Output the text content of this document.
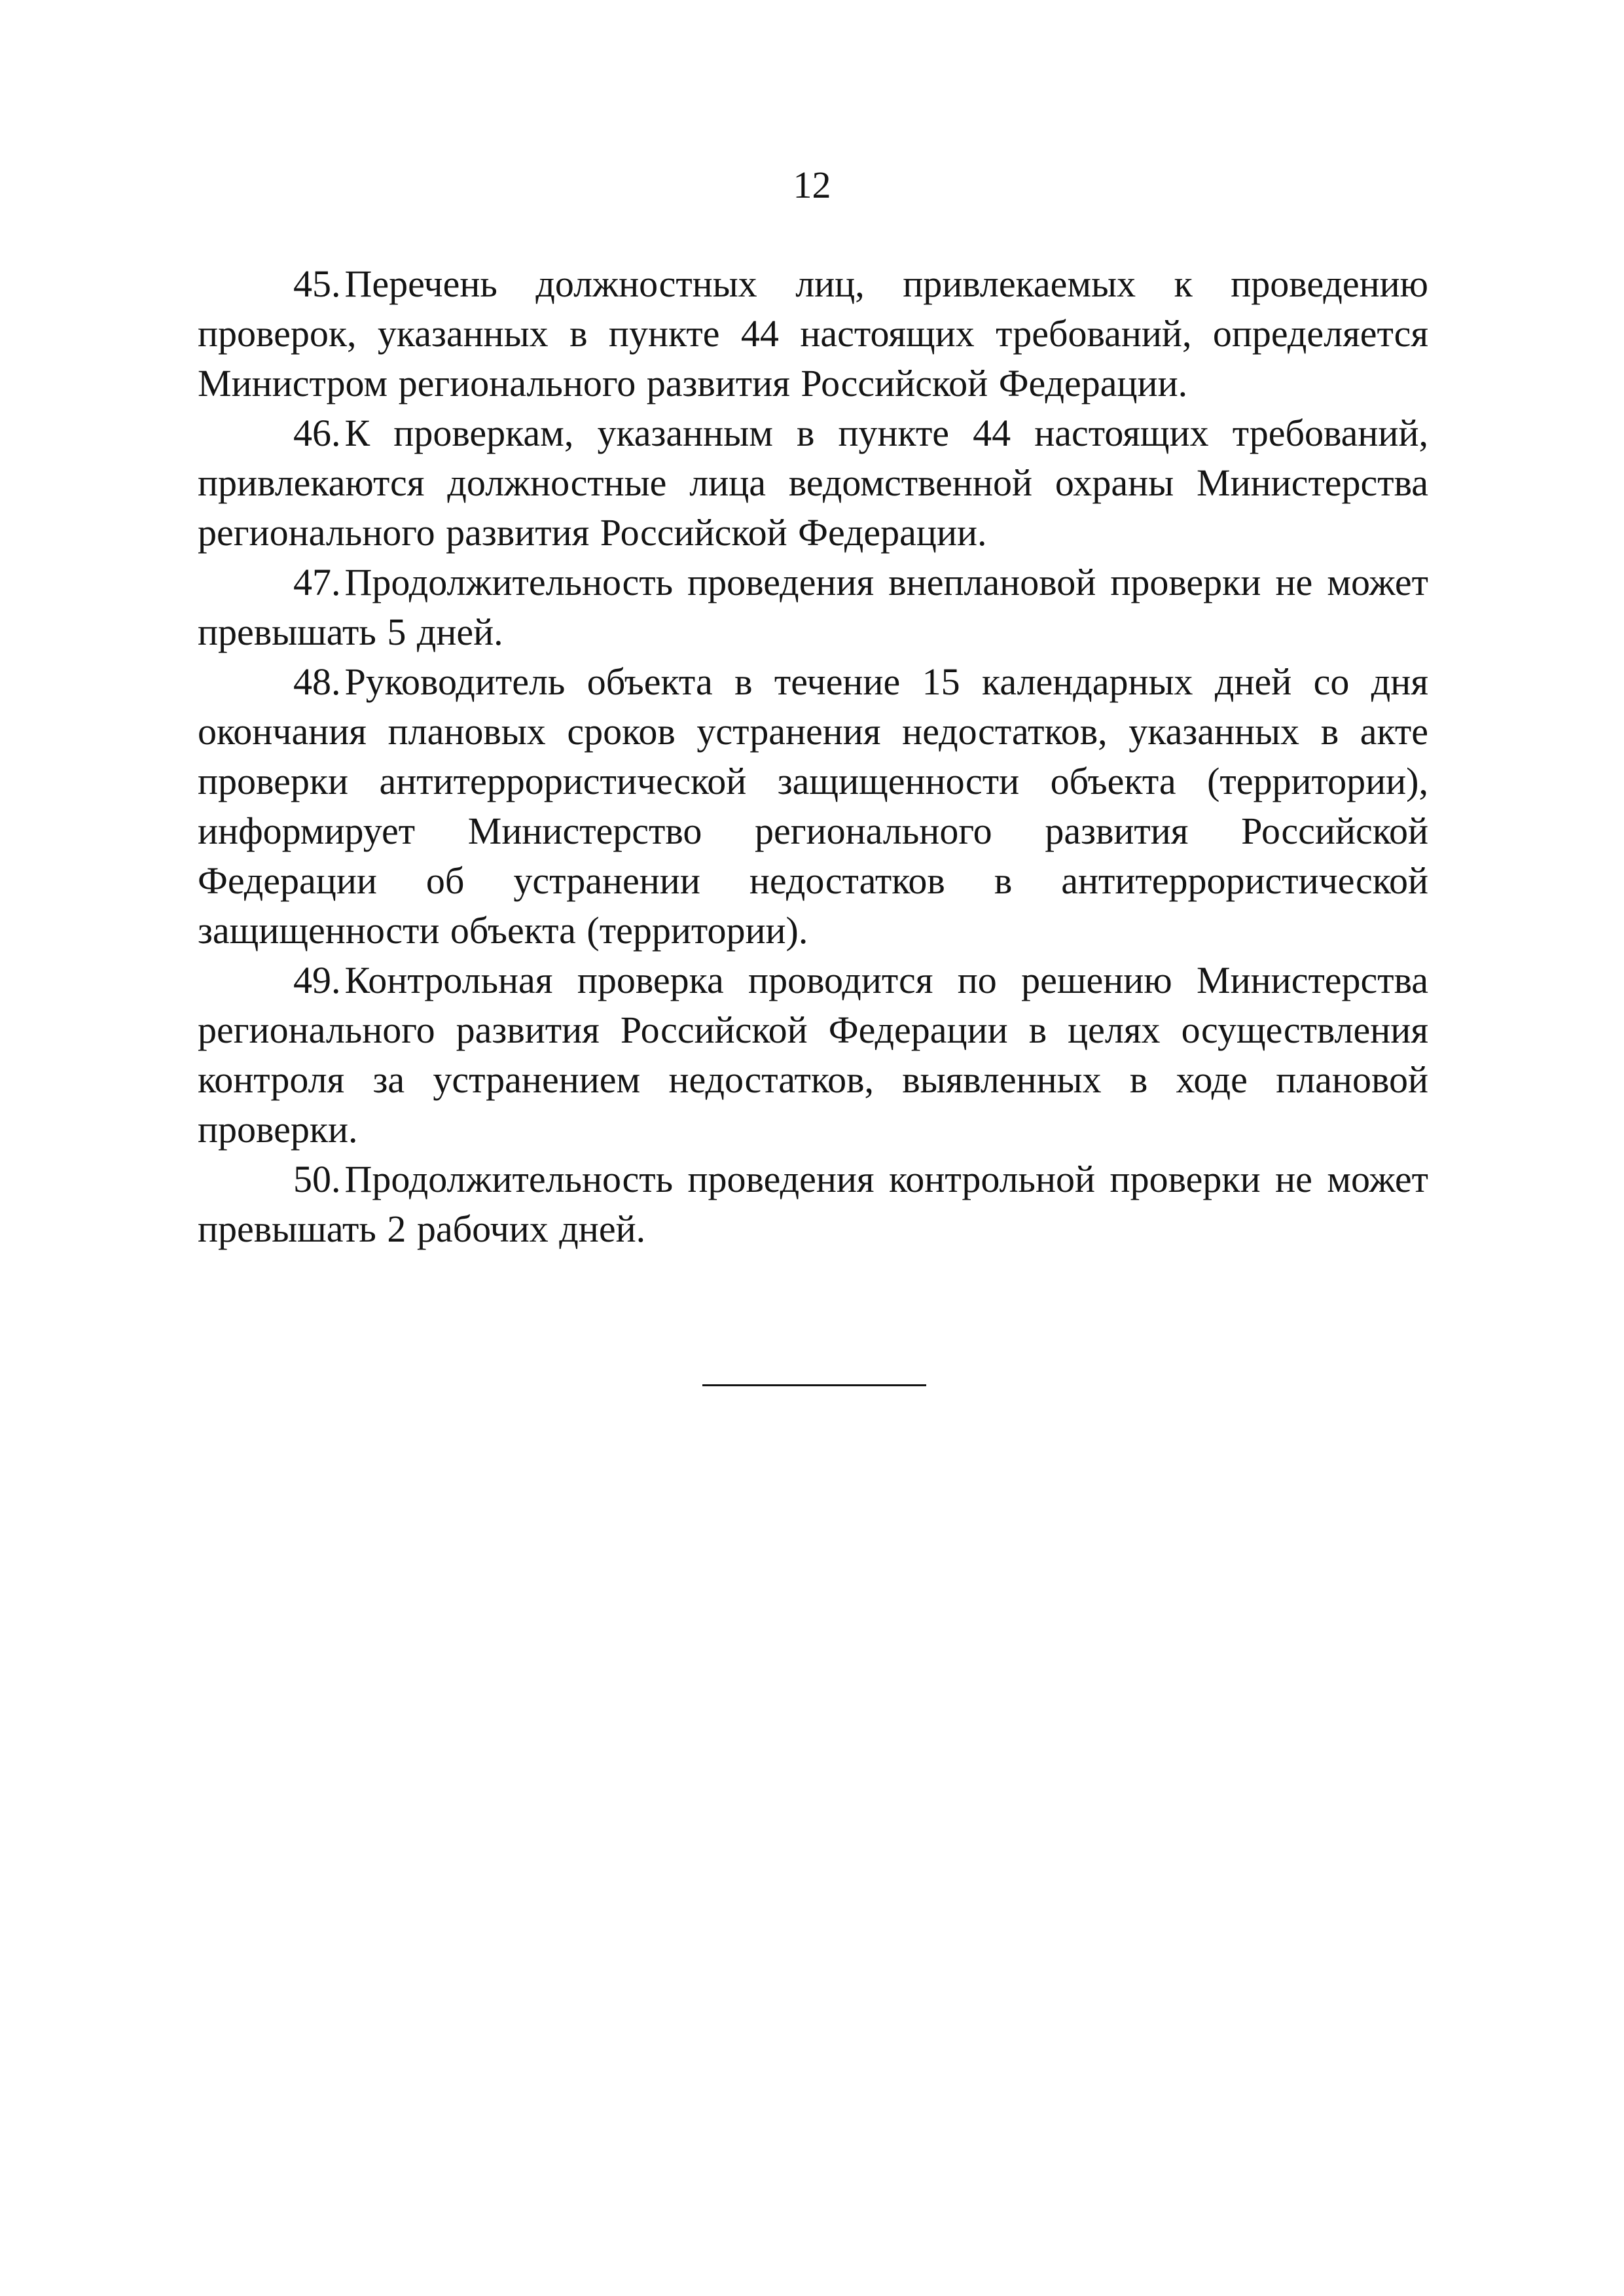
12

45. Перечень должностных лиц, привлекаемых к проведению проверок, указанных в пункте 44 настоящих требований, определяется Министром регионального развития Российской Федерации.

46. К проверкам, указанным в пункте 44 настоящих требований, привлекаются должностные лица ведомственной охраны Министерства регионального развития Российской Федерации.

47. Продолжительность проведения внеплановой проверки не может превышать 5 дней.

48. Руководитель объекта в течение 15 календарных дней со дня окончания плановых сроков устранения недостатков, указанных в акте проверки антитеррористической защищенности объекта (территории), информирует Министерство регионального развития Российской Федерации об устранении недостатков в антитеррористической защищенности объекта (территории).

49. Контрольная проверка проводится по решению Министерства регионального развития Российской Федерации в целях осуществления контроля за устранением недостатков, выявленных в ходе плановой проверки.

50. Продолжительность проведения контрольной проверки не может превышать 2 рабочих дней.
